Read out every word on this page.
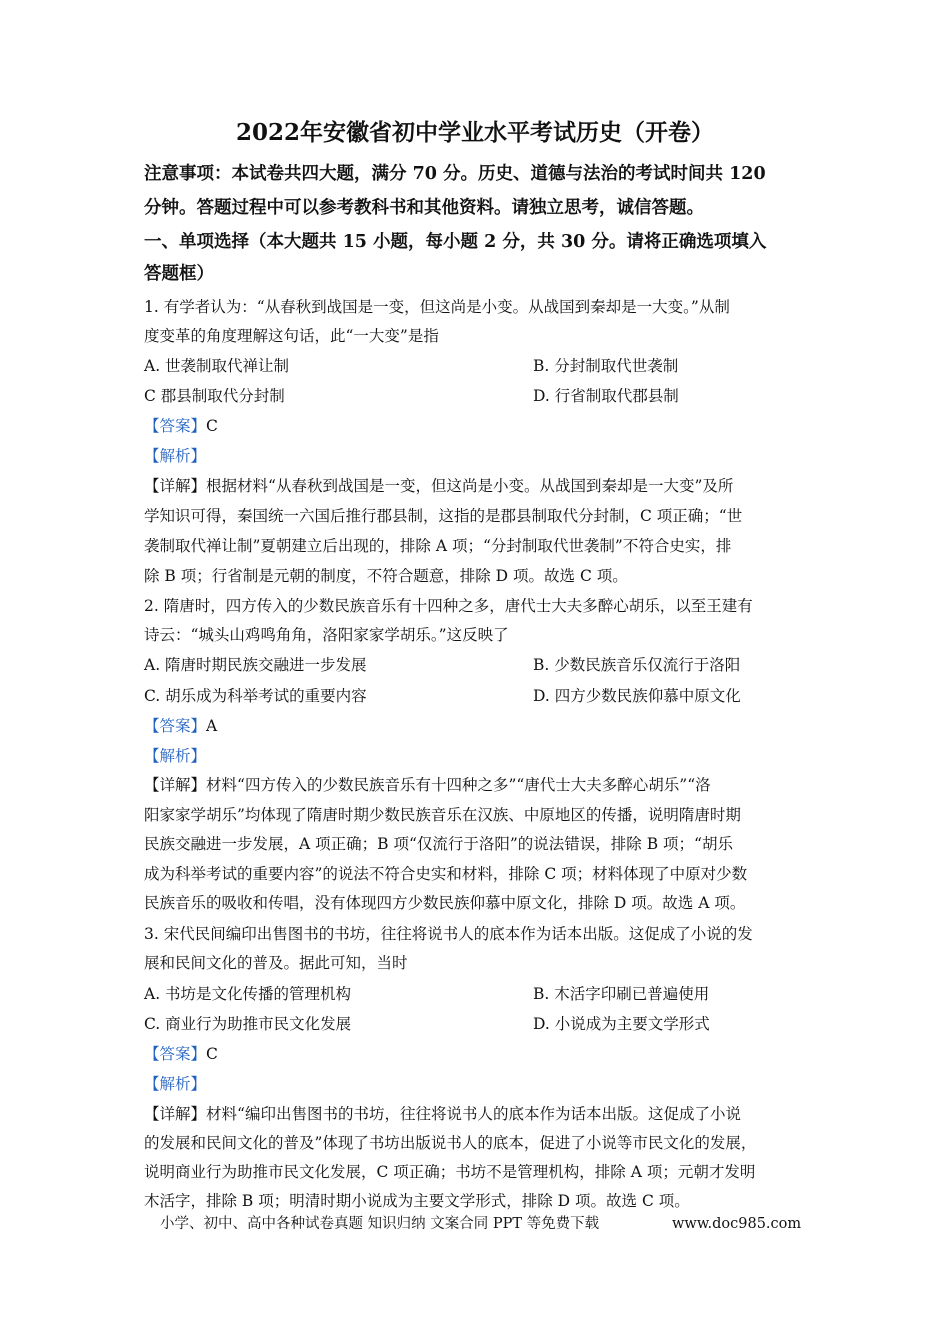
2022年安徽省初中学业水平考试历史（开卷）
注意事项：本试卷共四大题，满分 70 分。历史、道德与法治的考试时间共 120
分钟。答题过程中可以参考教科书和其他资料。请独立思考，诚信答题。
一、单项选择（本大题共 15 小题，每小题 2 分，共 30 分。请将正确选项填入
答题框）
1. 有学者认为：“从春秋到战国是一变，但这尚是小变。从战国到秦却是一大变。”从制
度变革的角度理解这句话，此“一大变”是指
A. 世袭制取代禅让制	B. 分封制取代世袭制
C 郡县制取代分封制	D. 行省制取代郡县制
【答案】C
【解析】
【详解】根据材料“从春秋到战国是一变，但这尚是小变。从战国到秦却是一大变”及所
学知识可得，秦国统一六国后推行郡县制，这指的是郡县制取代分封制，C 项正确；“世
袭制取代禅让制”夏朝建立后出现的，排除 A 项；“分封制取代世袭制”不符合史实，排
除 B 项；行省制是元朝的制度，不符合题意，排除 D 项。故选 C 项。
2. 隋唐时，四方传入的少数民族音乐有十四种之多，唐代士大夫多醉心胡乐，以至王建有
诗云：“城头山鸡鸣角角，洛阳家家学胡乐。”这反映了
A. 隋唐时期民族交融进一步发展	B. 少数民族音乐仅流行于洛阳
C. 胡乐成为科举考试的重要内容	D. 四方少数民族仰慕中原文化
【答案】A
【解析】
【详解】材料“四方传入的少数民族音乐有十四种之多”“唐代士大夫多醉心胡乐”“洛
阳家家学胡乐”均体现了隋唐时期少数民族音乐在汉族、中原地区的传播，说明隋唐时期
民族交融进一步发展，A 项正确；B 项“仅流行于洛阳”的说法错误，排除 B 项；“胡乐
成为科举考试的重要内容”的说法不符合史实和材料，排除 C 项；材料体现了中原对少数
民族音乐的吸收和传唱，没有体现四方少数民族仰慕中原文化，排除 D 项。故选 A 项。
3. 宋代民间编印出售图书的书坊，往往将说书人的底本作为话本出版。这促成了小说的发
展和民间文化的普及。据此可知，当时
A. 书坊是文化传播的管理机构	B. 木活字印刷已普遍使用
C. 商业行为助推市民文化发展	D. 小说成为主要文学形式
【答案】C
【解析】
【详解】材料“编印出售图书的书坊，往往将说书人的底本作为话本出版。这促成了小说
的发展和民间文化的普及”体现了书坊出版说书人的底本，促进了小说等市民文化的发展，
说明商业行为助推市民文化发展，C 项正确；书坊不是管理机构，排除 A 项；元朝才发明
木活字，排除 B 项；明清时期小说成为主要文学形式，排除 D 项。故选 C 项。
小学、初中、高中各种试卷真题 知识归纳 文案合同 PPT 等免费下载	www.doc985.com
